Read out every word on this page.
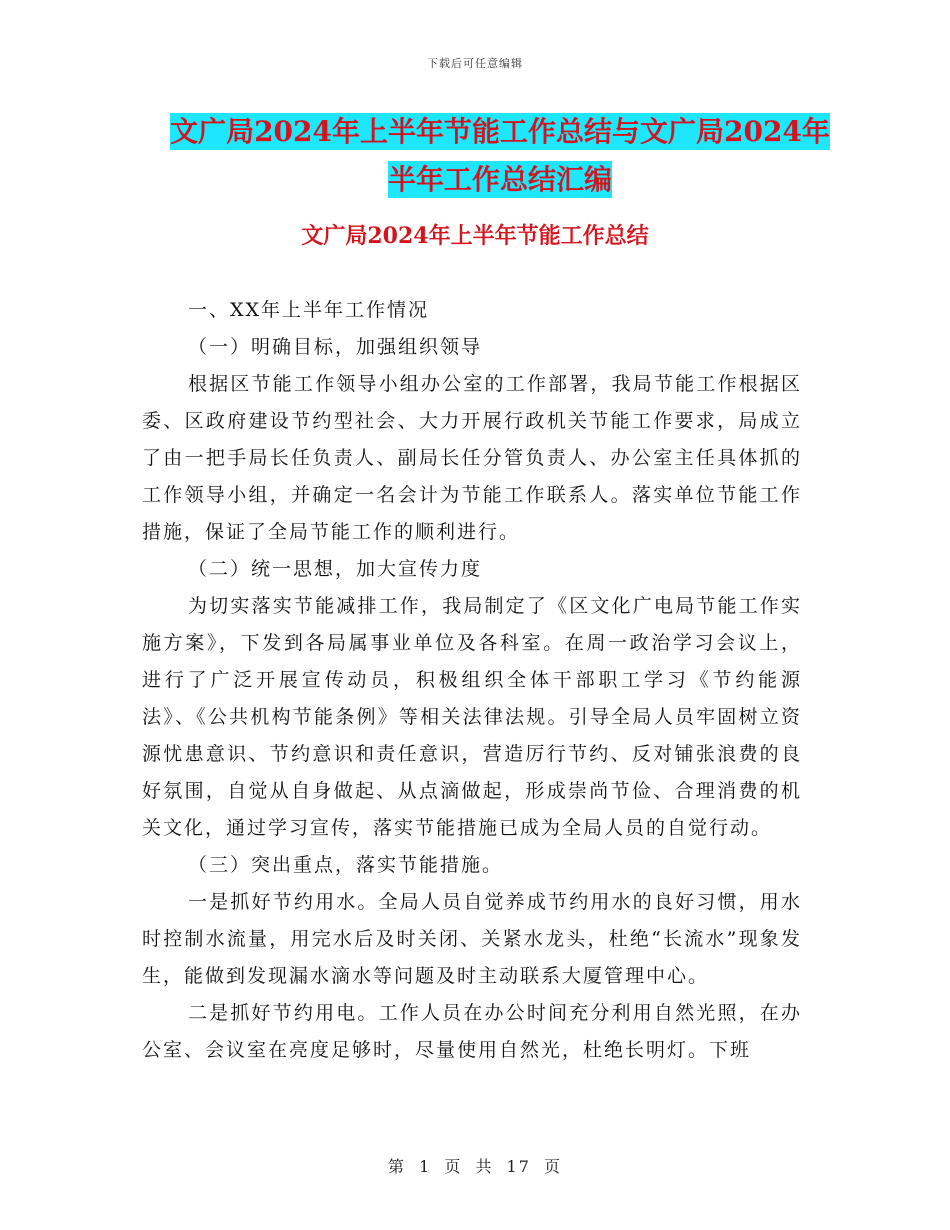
下载后可任意编辑
文广局2024年上半年节能工作总结与文广局2024年
半年工作总结汇编
文广局2024年上半年节能工作总结

一、XX年上半年工作情况

（一）明确目标，加强组织领导

根据区节能工作领导小组办公室的工作部署，我局节能工作根据区委、区政府建设节约型社会、大力开展行政机关节能工作要求，局成立了由一把手局长任负责人、副局长任分管负责人、办公室主任具体抓的工作领导小组，并确定一名会计为节能工作联系人。落实单位节能工作措施，保证了全局节能工作的顺利进行。

（二）统一思想，加大宣传力度

为切实落实节能减排工作，我局制定了《区文化广电局节能工作实施方案》，下发到各局属事业单位及各科室。在周一政治学习会议上，进行了广泛开展宣传动员，积极组织全体干部职工学习《节约能源法》、《公共机构节能条例》等相关法律法规。引导全局人员牢固树立资源忧患意识、节约意识和责任意识，营造厉行节约、反对铺张浪费的良好氛围，自觉从自身做起、从点滴做起，形成崇尚节俭、合理消费的机关文化，通过学习宣传，落实节能措施已成为全局人员的自觉行动。

（三）突出重点，落实节能措施。

一是抓好节约用水。全局人员自觉养成节约用水的良好习惯，用水时控制水流量，用完水后及时关闭、关紧水龙头，杜绝“长流水”现象发生，能做到发现漏水滴水等问题及时主动联系大厦管理中心。

二是抓好节约用电。工作人员在办公时间充分利用自然光照，在办公室、会议室在亮度足够时，尽量使用自然光，杜绝长明灯。下班

第 1 页 共 17 页
